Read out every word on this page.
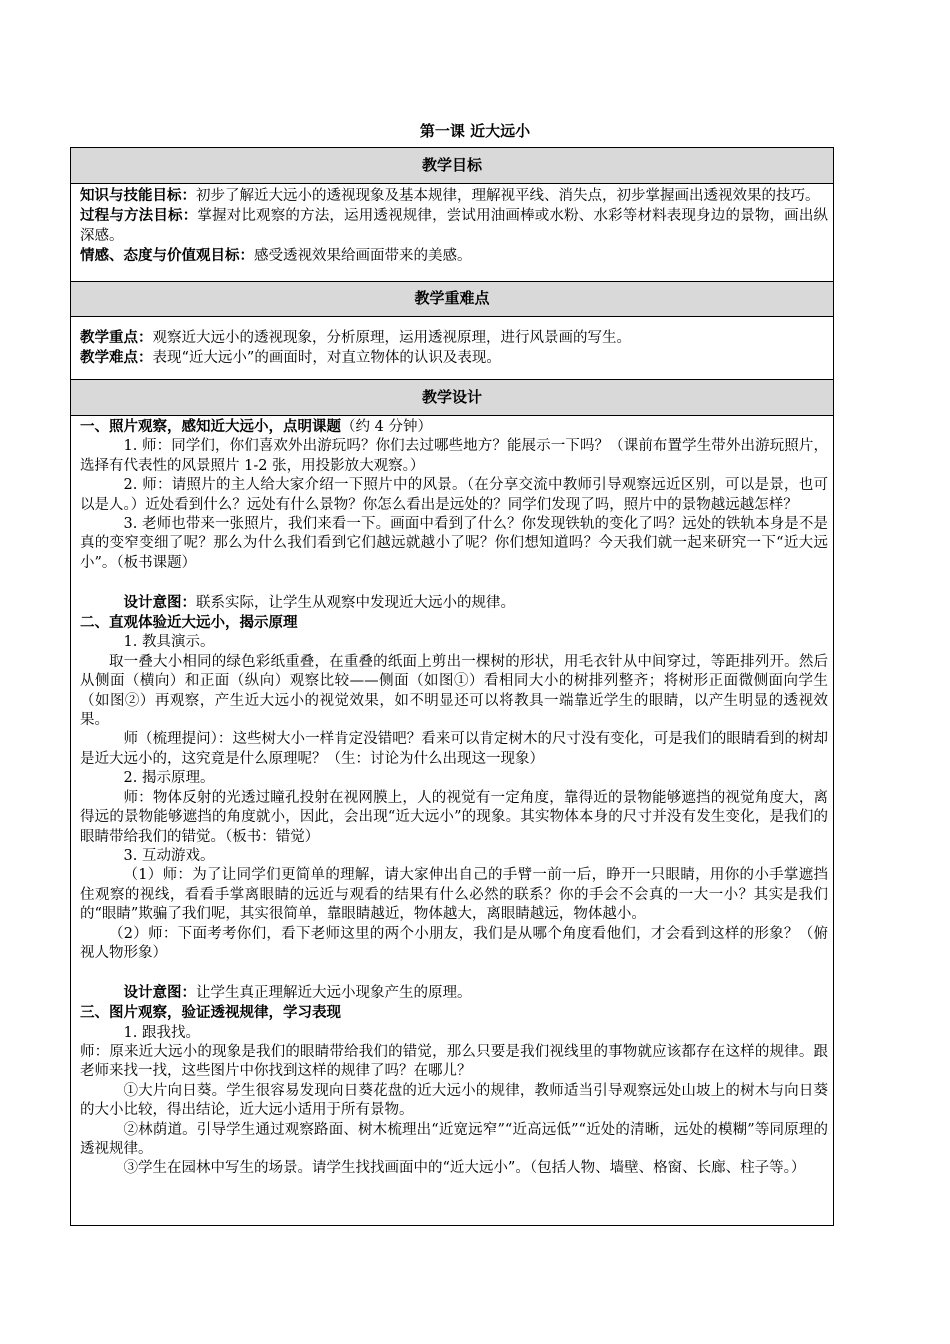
第一课 近大远小
教学目标

知识与技能目标：初步了解近大远小的透视现象及基本规律，理解视平线、消失点，初步掌握画出透视效果的技巧。

过程与方法目标：掌握对比观察的方法，运用透视规律，尝试用油画棒或水粉、水彩等材料表现身边的景物，画出纵深感。

情感、态度与价值观目标：感受透视效果给画面带来的美感。

教学重难点

教学重点：观察近大远小的透视现象，分析原理，运用透视原理，进行风景画的写生。

教学难点：表现“近大远小”的画面时，对直立物体的认识及表现。

教学设计

一、照片观察，感知近大远小，点明课题（约 4 分钟）

1. 师：同学们，你们喜欢外出游玩吗？你们去过哪些地方？能展示一下吗？（课前布置学生带外出游玩照片，选择有代表性的风景照片 1-2 张，用投影放大观察。）

2. 师：请照片的主人给大家介绍一下照片中的风景。（在分享交流中教师引导观察远近区别，可以是景，也可以是人。）近处看到什么？远处有什么景物？你怎么看出是远处的？同学们发现了吗，照片中的景物越远越怎样？

3. 老师也带来一张照片，我们来看一下。画面中看到了什么？你发现铁轨的变化了吗？远处的铁轨本身是不是真的变窄变细了呢？那么为什么我们看到它们越远就越小了呢？你们想知道吗？今天我们就一起来研究一下“近大远小”。（板书课题）

设计意图：联系实际，让学生从观察中发现近大远小的规律。

二、直观体验近大远小，揭示原理

1. 教具演示。

取一叠大小相同的绿色彩纸重叠，在重叠的纸面上剪出一棵树的形状，用毛衣针从中间穿过，等距排列开。然后从侧面（横向）和正面（纵向）观察比较——侧面（如图①）看相同大小的树排列整齐；将树形正面微侧面向学生（如图②）再观察，产生近大远小的视觉效果，如不明显还可以将教具一端靠近学生的眼睛，以产生明显的透视效果。

师（梳理提问）：这些树大小一样肯定没错吧？看来可以肯定树木的尺寸没有变化，可是我们的眼睛看到的树却是近大远小的，这究竟是什么原理呢？（生：讨论为什么出现这一现象）

2. 揭示原理。

师：物体反射的光透过瞳孔投射在视网膜上，人的视觉有一定角度，靠得近的景物能够遮挡的视觉角度大，离得远的景物能够遮挡的角度就小，因此，会出现“近大远小”的现象。其实物体本身的尺寸并没有发生变化，是我们的眼睛带给我们的错觉。（板书：错觉）

3. 互动游戏。

（1）师：为了让同学们更简单的理解，请大家伸出自己的手臂一前一后，睁开一只眼睛，用你的小手掌遮挡住观察的视线，看看手掌离眼睛的远近与观看的结果有什么必然的联系？你的手会不会真的一大一小？其实是我们的“眼睛”欺骗了我们呢，其实很简单，靠眼睛越近，物体越大，离眼睛越远，物体越小。

（2）师：下面考考你们，看下老师这里的两个小朋友，我们是从哪个角度看他们，才会看到这样的形象？（俯视人物形象）

设计意图：让学生真正理解近大远小现象产生的原理。

三、图片观察，验证透视规律，学习表现

1. 跟我找。

师：原来近大远小的现象是我们的眼睛带给我们的错觉，那么只要是我们视线里的事物就应该都存在这样的规律。跟老师来找一找，这些图片中你找到这样的规律了吗？在哪儿？

①大片向日葵。学生很容易发现向日葵花盘的近大远小的规律，教师适当引导观察远处山坡上的树木与向日葵的大小比较，得出结论，近大远小适用于所有景物。

②林荫道。引导学生通过观察路面、树木梳理出“近宽远窄”“近高远低”“近处的清晰，远处的模糊”等同原理的透视规律。

③学生在园林中写生的场景。请学生找找画面中的“近大远小”。（包括人物、墙壁、格窗、长廊、柱子等。）
